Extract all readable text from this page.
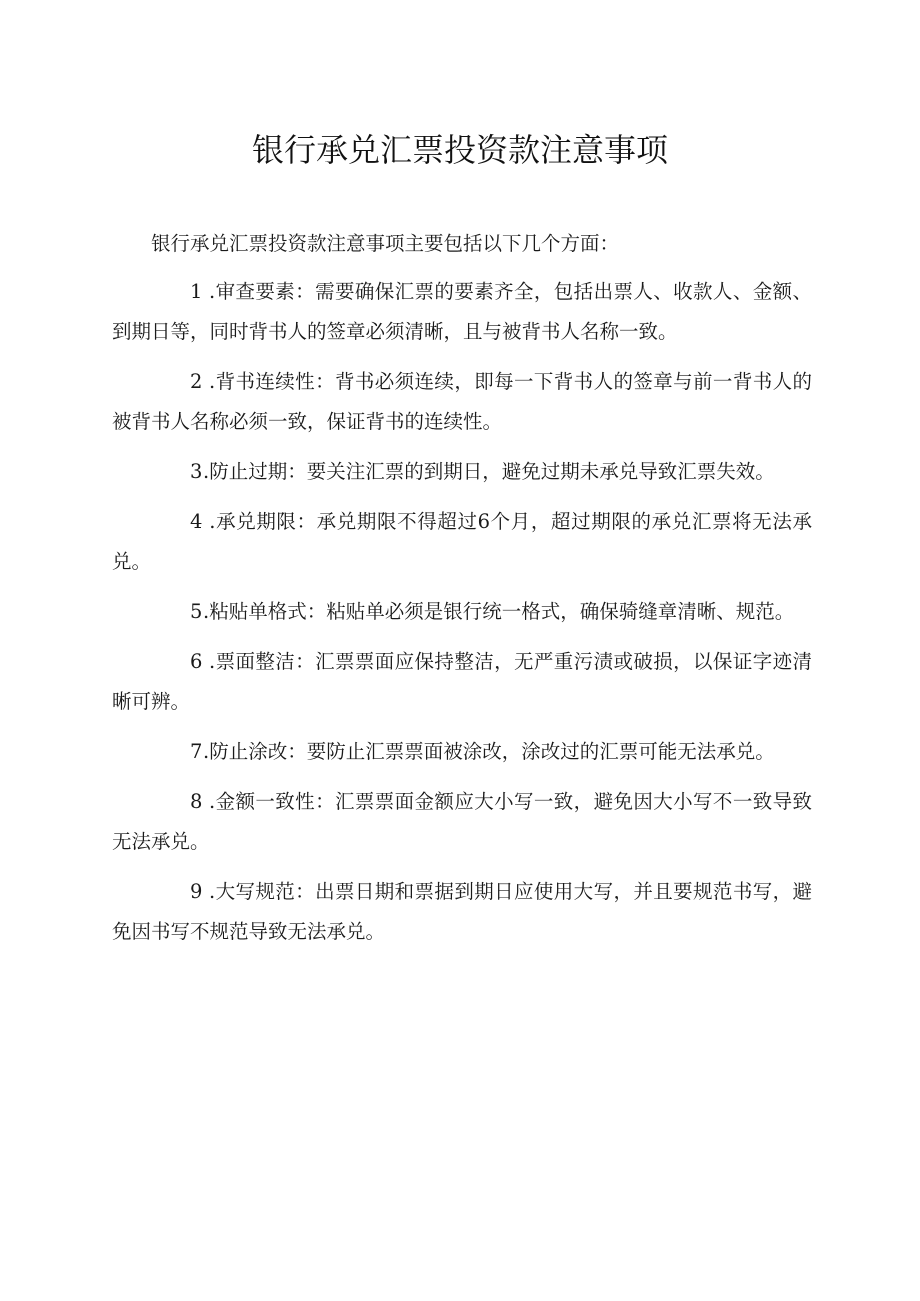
银行承兑汇票投资款注意事项

银行承兑汇票投资款注意事项主要包括以下几个方面：

1 .审查要素：需要确保汇票的要素齐全，包括出票人、收款人、金额、到期日等，同时背书人的签章必须清晰，且与被背书人名称一致。

2 .背书连续性：背书必须连续，即每一下背书人的签章与前一背书人的被背书人名称必须一致，保证背书的连续性。

3.防止过期：要关注汇票的到期日，避免过期未承兑导致汇票失效。

4 .承兑期限：承兑期限不得超过6个月，超过期限的承兑汇票将无法承兑。

5.粘贴单格式：粘贴单必须是银行统一格式，确保骑缝章清晰、规范。

6 .票面整洁：汇票票面应保持整洁，无严重污渍或破损，以保证字迹清晰可辨。

7.防止涂改：要防止汇票票面被涂改，涂改过的汇票可能无法承兑。

8 .金额一致性：汇票票面金额应大小写一致，避免因大小写不一致导致无法承兑。

9 .大写规范：出票日期和票据到期日应使用大写，并且要规范书写，避免因书写不规范导致无法承兑。
